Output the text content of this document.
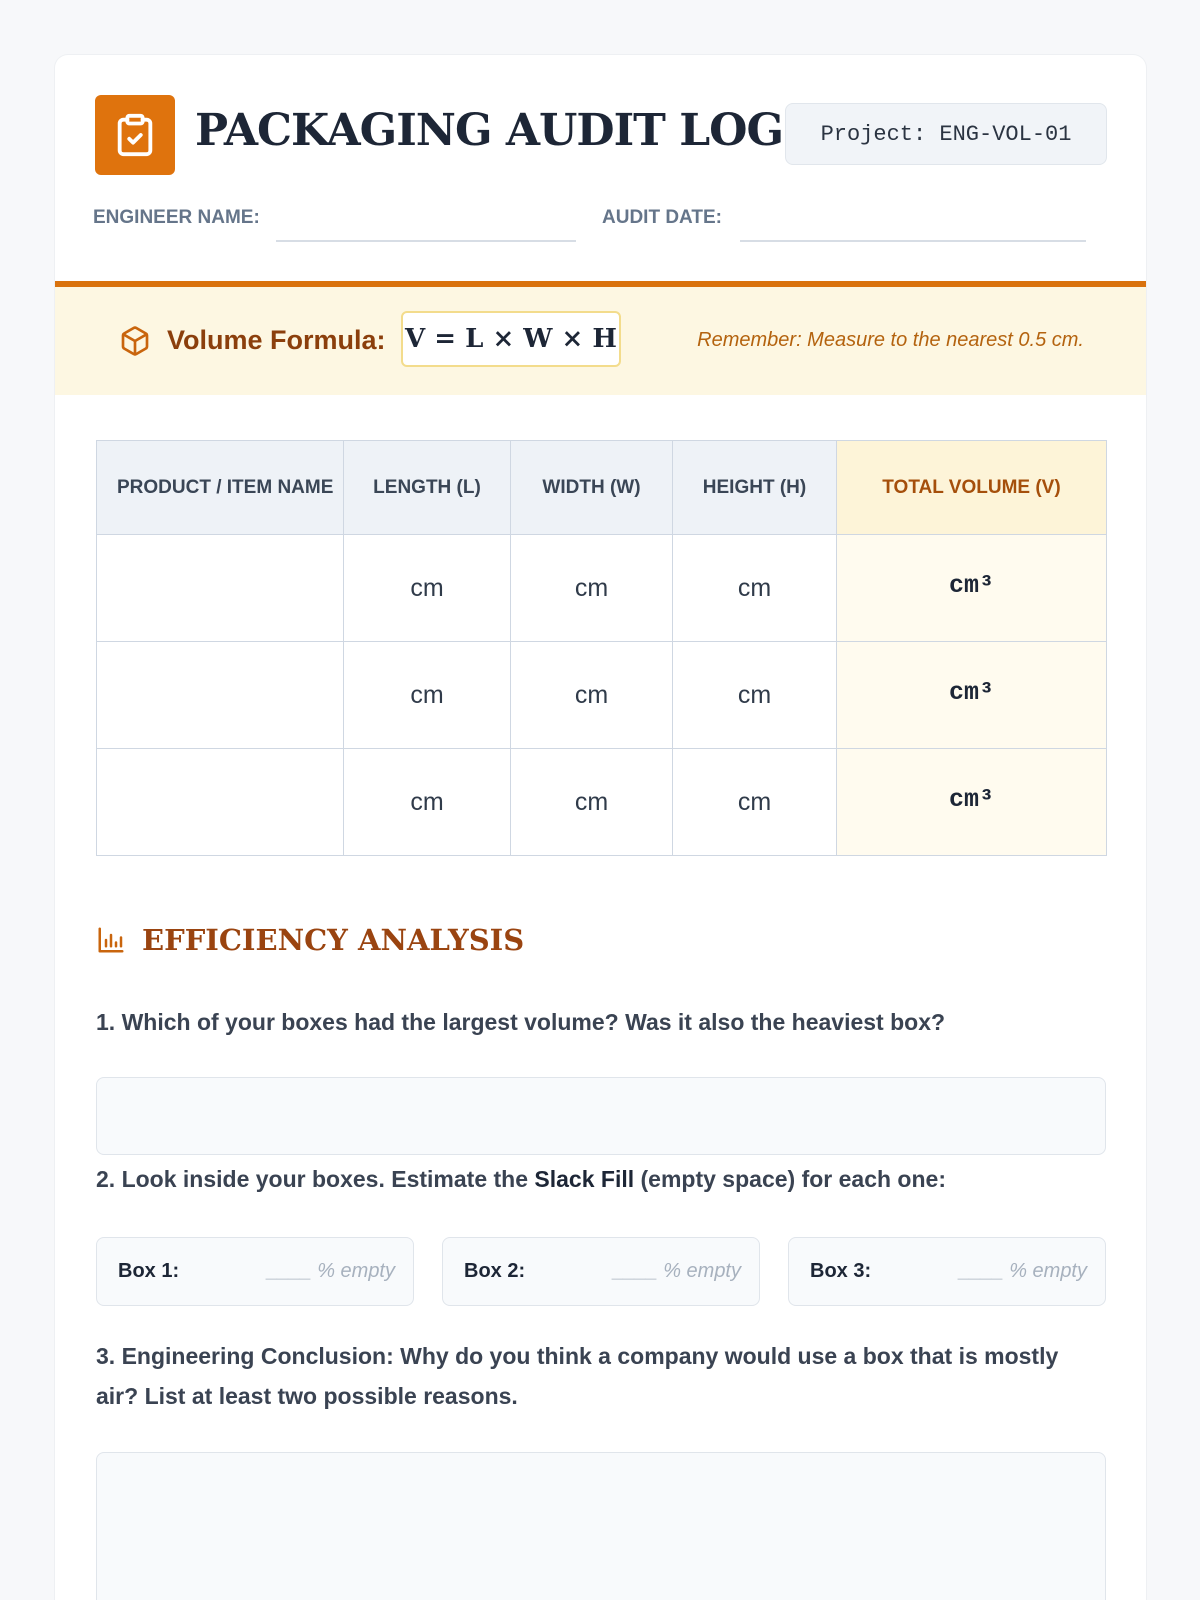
PACKAGING AUDIT LOG	Project: ENG-VOL-01
ENGINEER NAME:	AUDIT DATE:
Volume Formula: V = L × W × H	Remember: Measure to the nearest 0.5 cm.
PRODUCT / ITEM NAME	LENGTH (L)	WIDTH (W)	HEIGHT (H)	TOTAL VOLUME (V)
	cm	cm	cm	cm³
	cm	cm	cm	cm³
	cm	cm	cm	cm³
EFFICIENCY ANALYSIS
1. Which of your boxes had the largest volume? Was it also the heaviest box?
2. Look inside your boxes. Estimate the Slack Fill (empty space) for each one:
Box 1:	____ % empty	Box 2:	____ % empty	Box 3:	____ % empty
3. Engineering Conclusion: Why do you think a company would use a box that is mostly air? List at least two possible reasons.
